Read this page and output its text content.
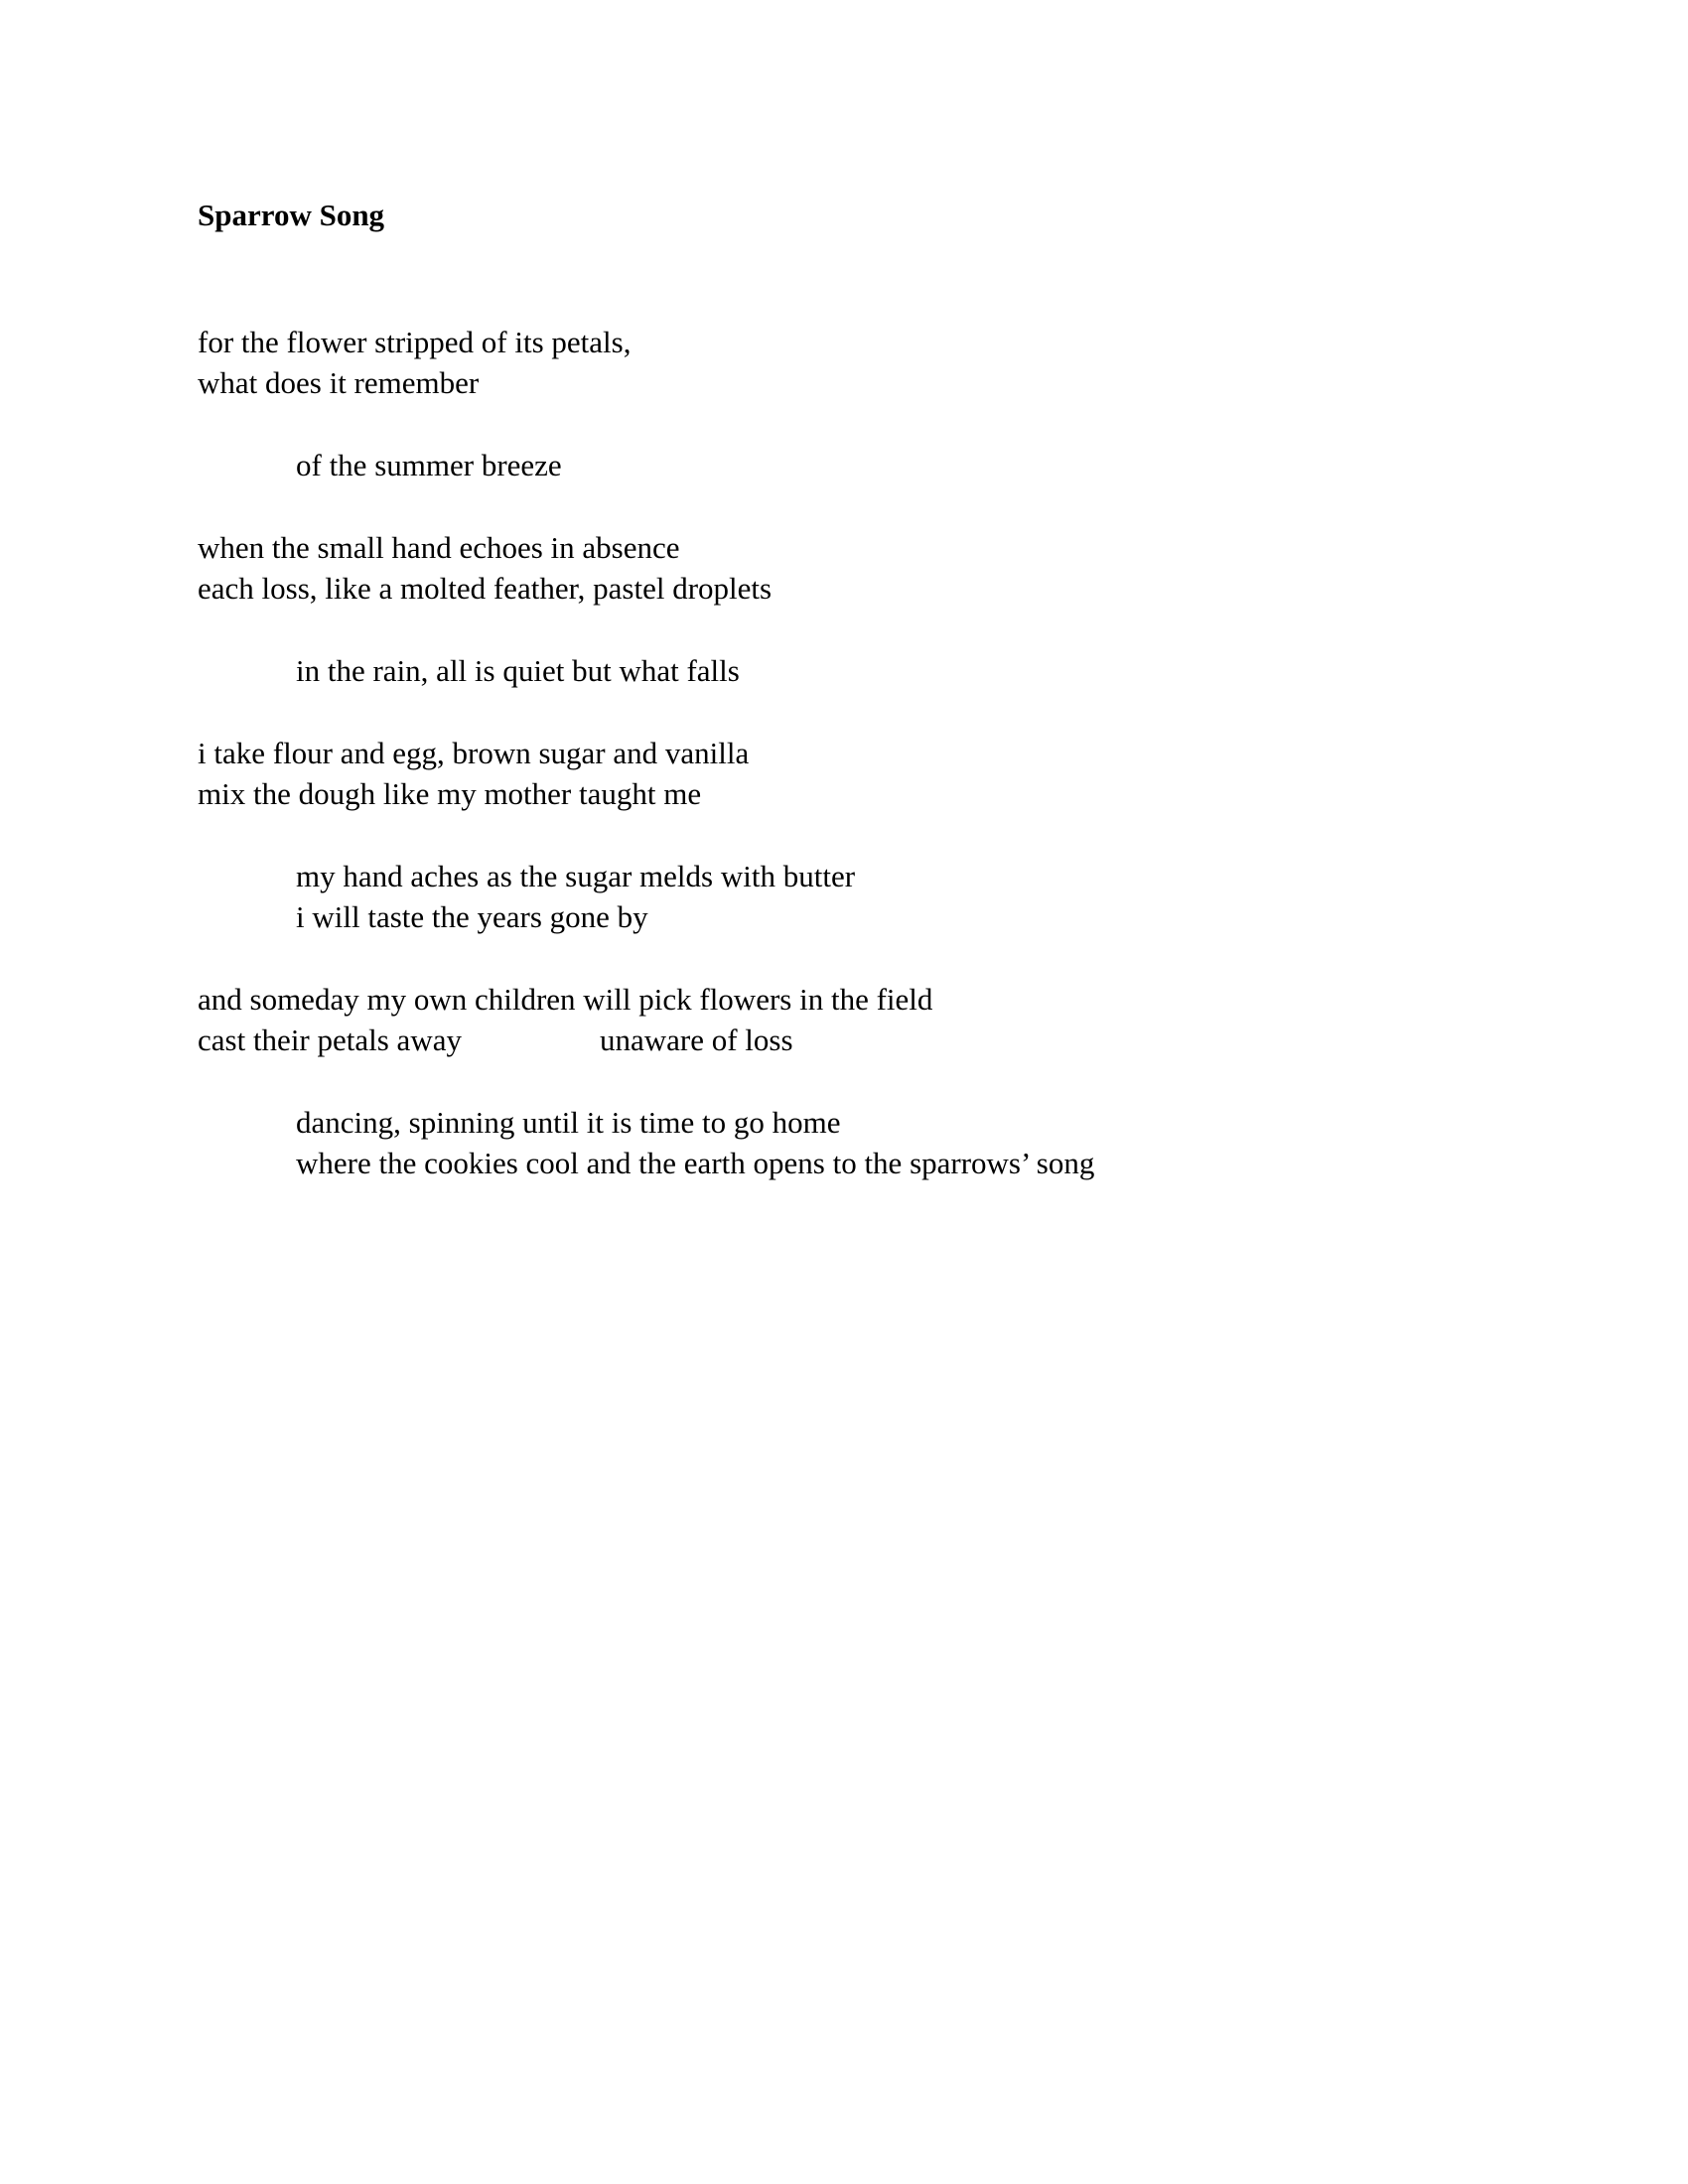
Sparrow Song
for the flower stripped of its petals,
what does it remember
of the summer breeze
when the small hand echoes in absence
each loss, like a molted feather, pastel droplets
in the rain, all is quiet but what falls
i take flour and egg, brown sugar and vanilla
mix the dough like my mother taught me
my hand aches as the sugar melds with butter
i will taste the years gone by
and someday my own children will pick flowers in the field
cast their petals away	unaware of loss
dancing, spinning until it is time to go home
where the cookies cool and the earth opens to the sparrows’ song
